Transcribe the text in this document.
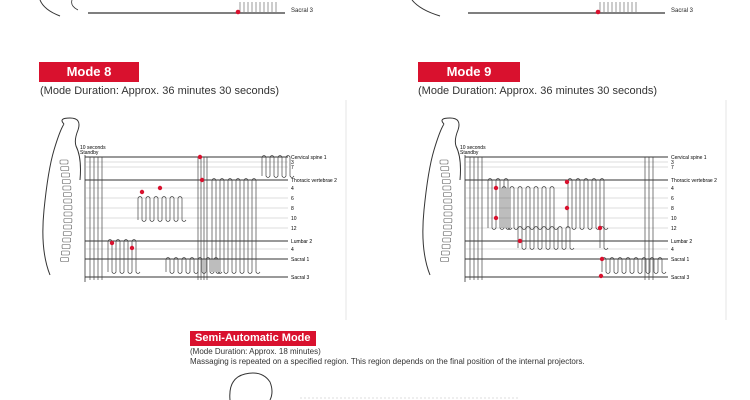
Sacral 3	Sacral 3
Mode 8
(Mode Duration: Approx. 36 minutes 30 seconds)
Mode 9
(Mode Duration: Approx. 36 minutes 30 seconds)
10 seconds
Standby
Cervical spine 1
3
7
Thoracic vertebrae 2
4
6
8
10
12
Lumbar 2
4
Sacral 1
Sacral 3
10 seconds
Standby
Cervical spine 1
3
7
Thoracic vertebrae 2
4
6
8
10
12
Lumbar 2
4
Sacral 1
Sacral 3
Semi-Automatic Mode
(Mode Duration: Approx. 18 minutes)
Massaging is repeated on a specified region. This region depends on the final position of the internal projectors.
